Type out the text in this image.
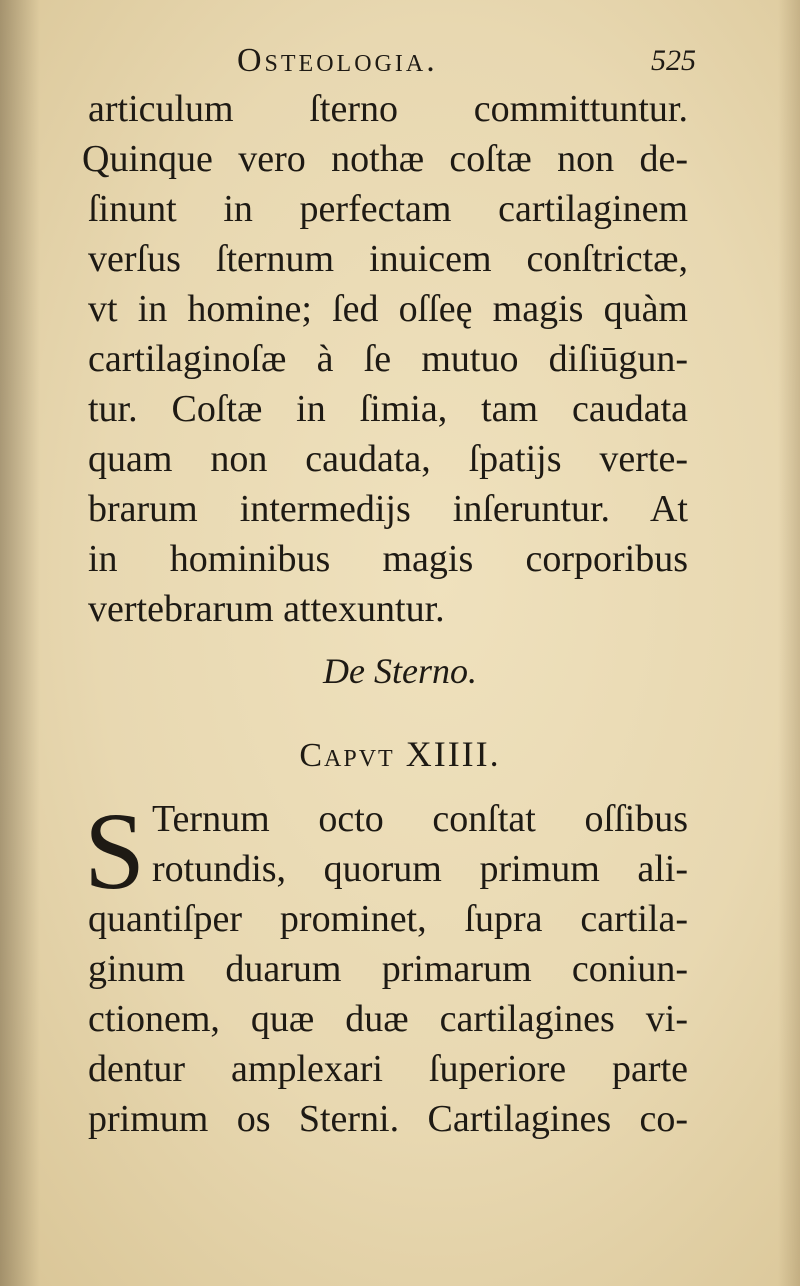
Osteologia.	525
articulum ſterno committuntur.
Quinque vero nothæ coſtæ non de-
ſinunt in perfectam cartilaginem
verſus ſternum inuicem conſtrictæ,
vt in homine; ſed oſſeę magis quàm
cartilaginoſæ à ſe mutuo diſiūgun-
tur. Coſtæ in ſimia, tam caudata
quam non caudata, ſpatijs verte-
brarum intermedijs inſeruntur. At
in hominibus magis corporibus
vertebrarum attexuntur.
De Sterno.
Capvt XIIII.
S Ternum octo conſtat oſſibus
rotundis, quorum primum ali-
quantiſper prominet, ſupra cartila-
ginum duarum primarum coniun-
ctionem, quæ duæ cartilagines vi-
dentur amplexari ſuperiore parte
primum os Sterni. Cartilagines co-
